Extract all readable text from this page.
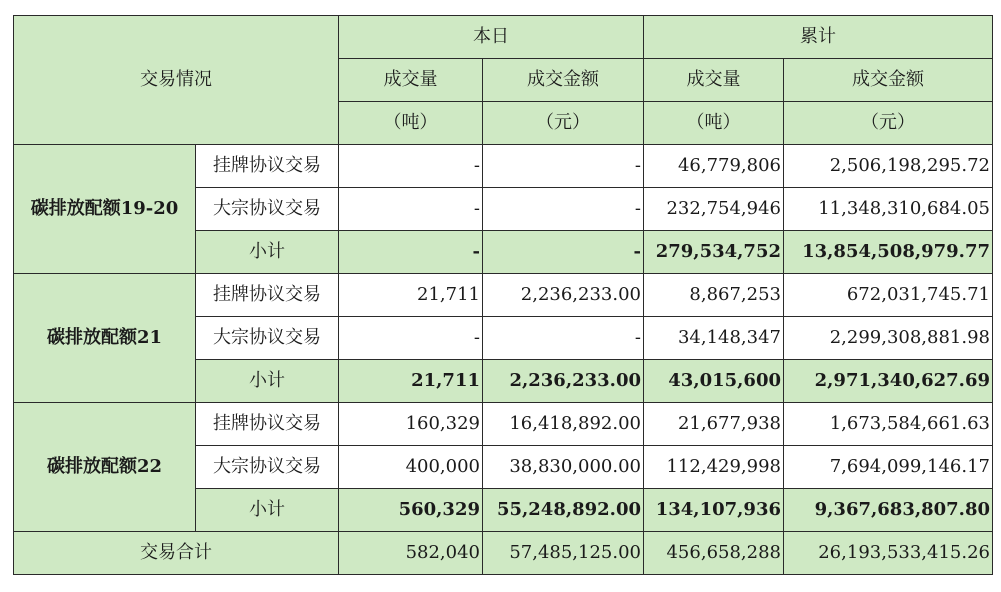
交易情况		本日		累计	
		成交量	成交金额	成交量	成交金额
		（吨）	（元）	（吨）	（元）
碳排放配额19-20	挂牌协议交易	-	-	46,779,806	2,506,198,295.72
	大宗协议交易	-	-	232,754,946	11,348,310,684.05
	小计	-	-	279,534,752	13,854,508,979.77
碳排放配额21	挂牌协议交易	21,711	2,236,233.00	8,867,253	672,031,745.71
	大宗协议交易	-	-	34,148,347	2,299,308,881.98
	小计	21,711	2,236,233.00	43,015,600	2,971,340,627.69
碳排放配额22	挂牌协议交易	160,329	16,418,892.00	21,677,938	1,673,584,661.63
	大宗协议交易	400,000	38,830,000.00	112,429,998	7,694,099,146.17
	小计	560,329	55,248,892.00	134,107,936	9,367,683,807.80
交易合计		582,040	57,485,125.00	456,658,288	26,193,533,415.26
